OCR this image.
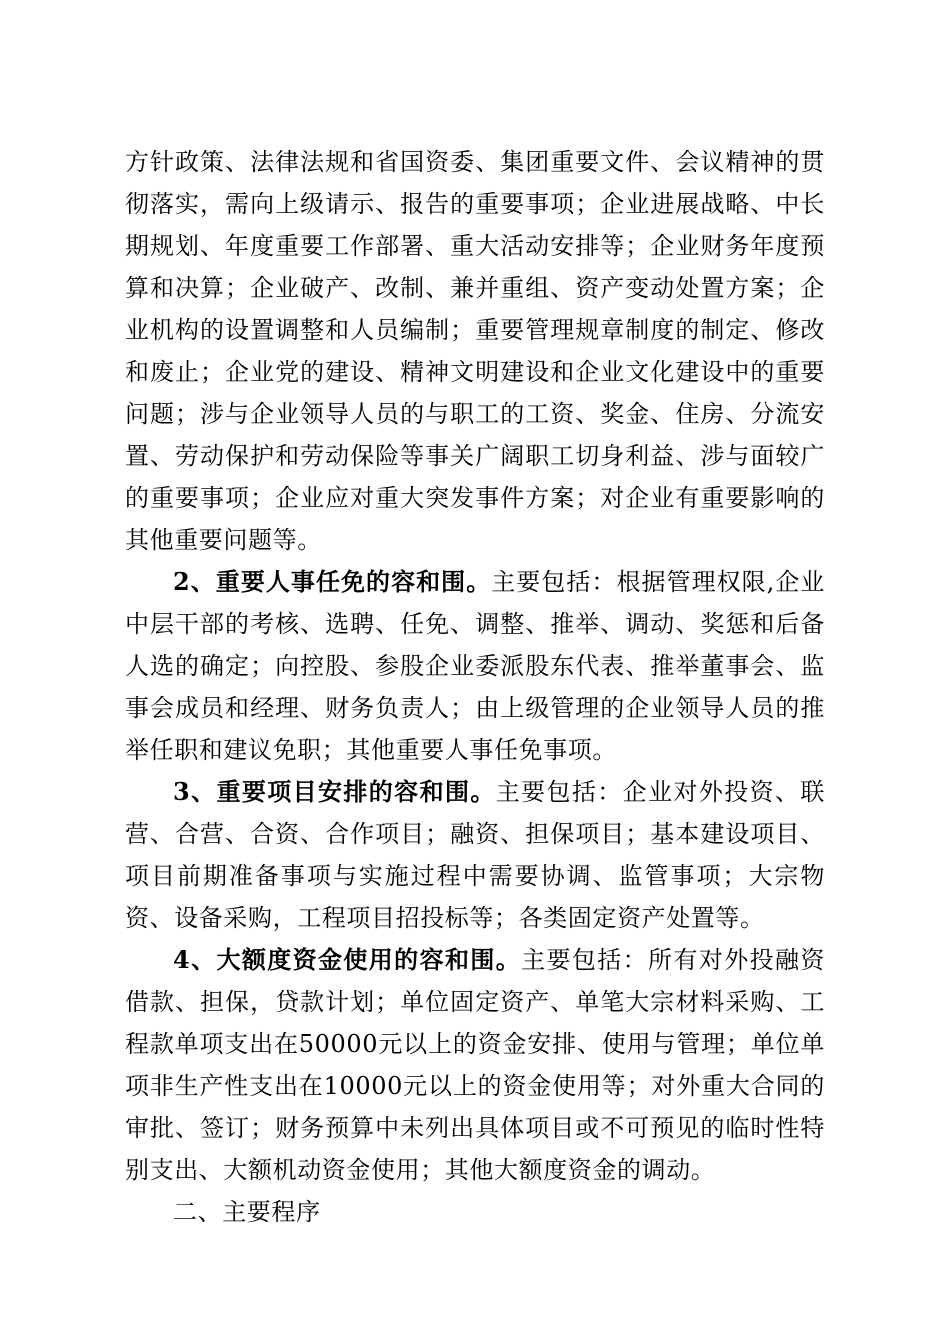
方针政策、法律法规和省国资委、集团重要文件、会议精神的贯彻落实，需向上级请示、报告的重要事项；企业进展战略、中长期规划、年度重要工作部署、重大活动安排等；企业财务年度预算和决算；企业破产、改制、兼并重组、资产变动处置方案；企业机构的设置调整和人员编制；重要管理规章制度的制定、修改和废止；企业党的建设、精神文明建设和企业文化建设中的重要问题；涉与企业领导人员的与职工的工资、奖金、住房、分流安置、劳动保护和劳动保险等事关广阔职工切身利益、涉与面较广的重要事项；企业应对重大突发事件方案；对企业有重要影响的其他重要问题等。

2、重要人事任免的容和围。主要包括：根据管理权限,企业中层干部的考核、选聘、任免、调整、推举、调动、奖惩和后备人选的确定；向控股、参股企业委派股东代表、推举董事会、监事会成员和经理、财务负责人；由上级管理的企业领导人员的推举任职和建议免职；其他重要人事任免事项。

3、重要项目安排的容和围。主要包括：企业对外投资、联营、合营、合资、合作项目；融资、担保项目；基本建设项目、项目前期准备事项与实施过程中需要协调、监管事项；大宗物资、设备采购，工程项目招投标等；各类固定资产处置等。

4、大额度资金使用的容和围。主要包括：所有对外投融资借款、担保，贷款计划；单位固定资产、单笔大宗材料采购、工程款单项支出在50000元以上的资金安排、使用与管理；单位单项非生产性支出在10000元以上的资金使用等；对外重大合同的审批、签订；财务预算中未列出具体项目或不可预见的临时性特别支出、大额机动资金使用；其他大额度资金的调动。

二、主要程序
